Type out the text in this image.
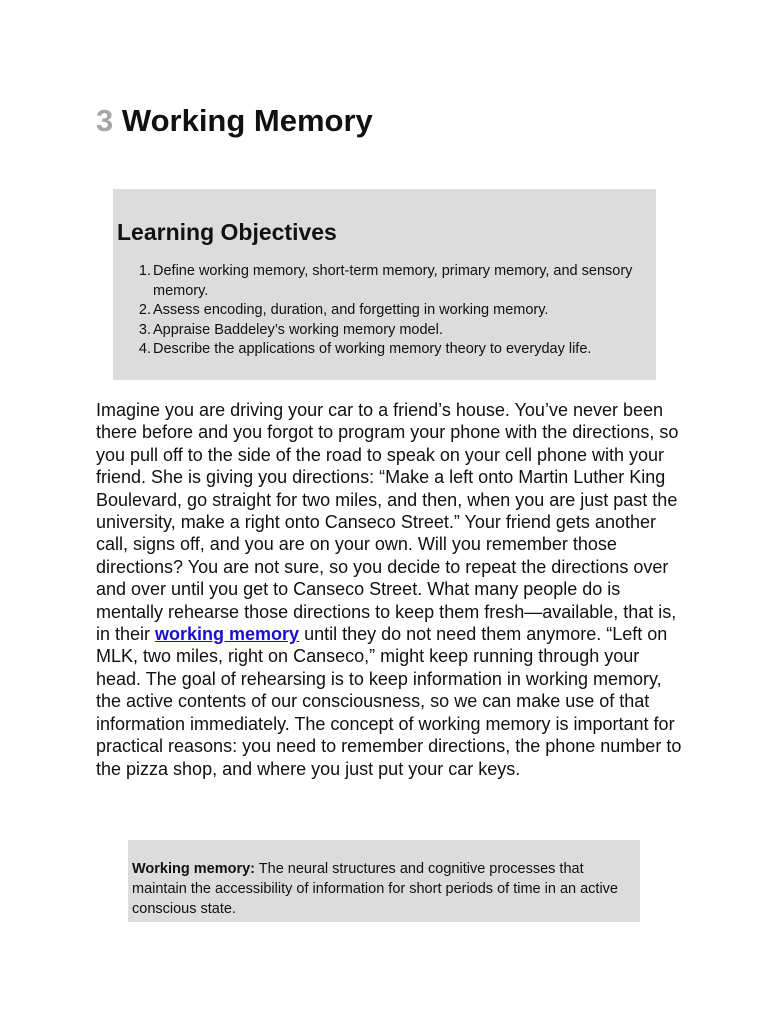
3 Working Memory
Learning Objectives
Define working memory, short-term memory, primary memory, and sensory memory.
Assess encoding, duration, and forgetting in working memory.
Appraise Baddeley’s working memory model.
Describe the applications of working memory theory to everyday life.

Imagine you are driving your car to a friend’s house. You’ve never been there before and you forgot to program your phone with the directions, so you pull off to the side of the road to speak on your cell phone with your friend. She is giving you directions: “Make a left onto Martin Luther King Boulevard, go straight for two miles, and then, when you are just past the university, make a right onto Canseco Street.” Your friend gets another call, signs off, and you are on your own. Will you remember those directions? You are not sure, so you decide to repeat the directions over and over until you get to Canseco Street. What many people do is mentally rehearse those directions to keep them fresh—available, that is, in their working memory until they do not need them anymore. “Left on MLK, two miles, right on Canseco,” might keep running through your head. The goal of rehearsing is to keep information in working memory, the active contents of our consciousness, so we can make use of that information immediately. The concept of working memory is important for practical reasons: you need to remember directions, the phone number to the pizza shop, and where you just put your car keys.

Working memory: The neural structures and cognitive processes that maintain the accessibility of information for short periods of time in an active conscious state.
